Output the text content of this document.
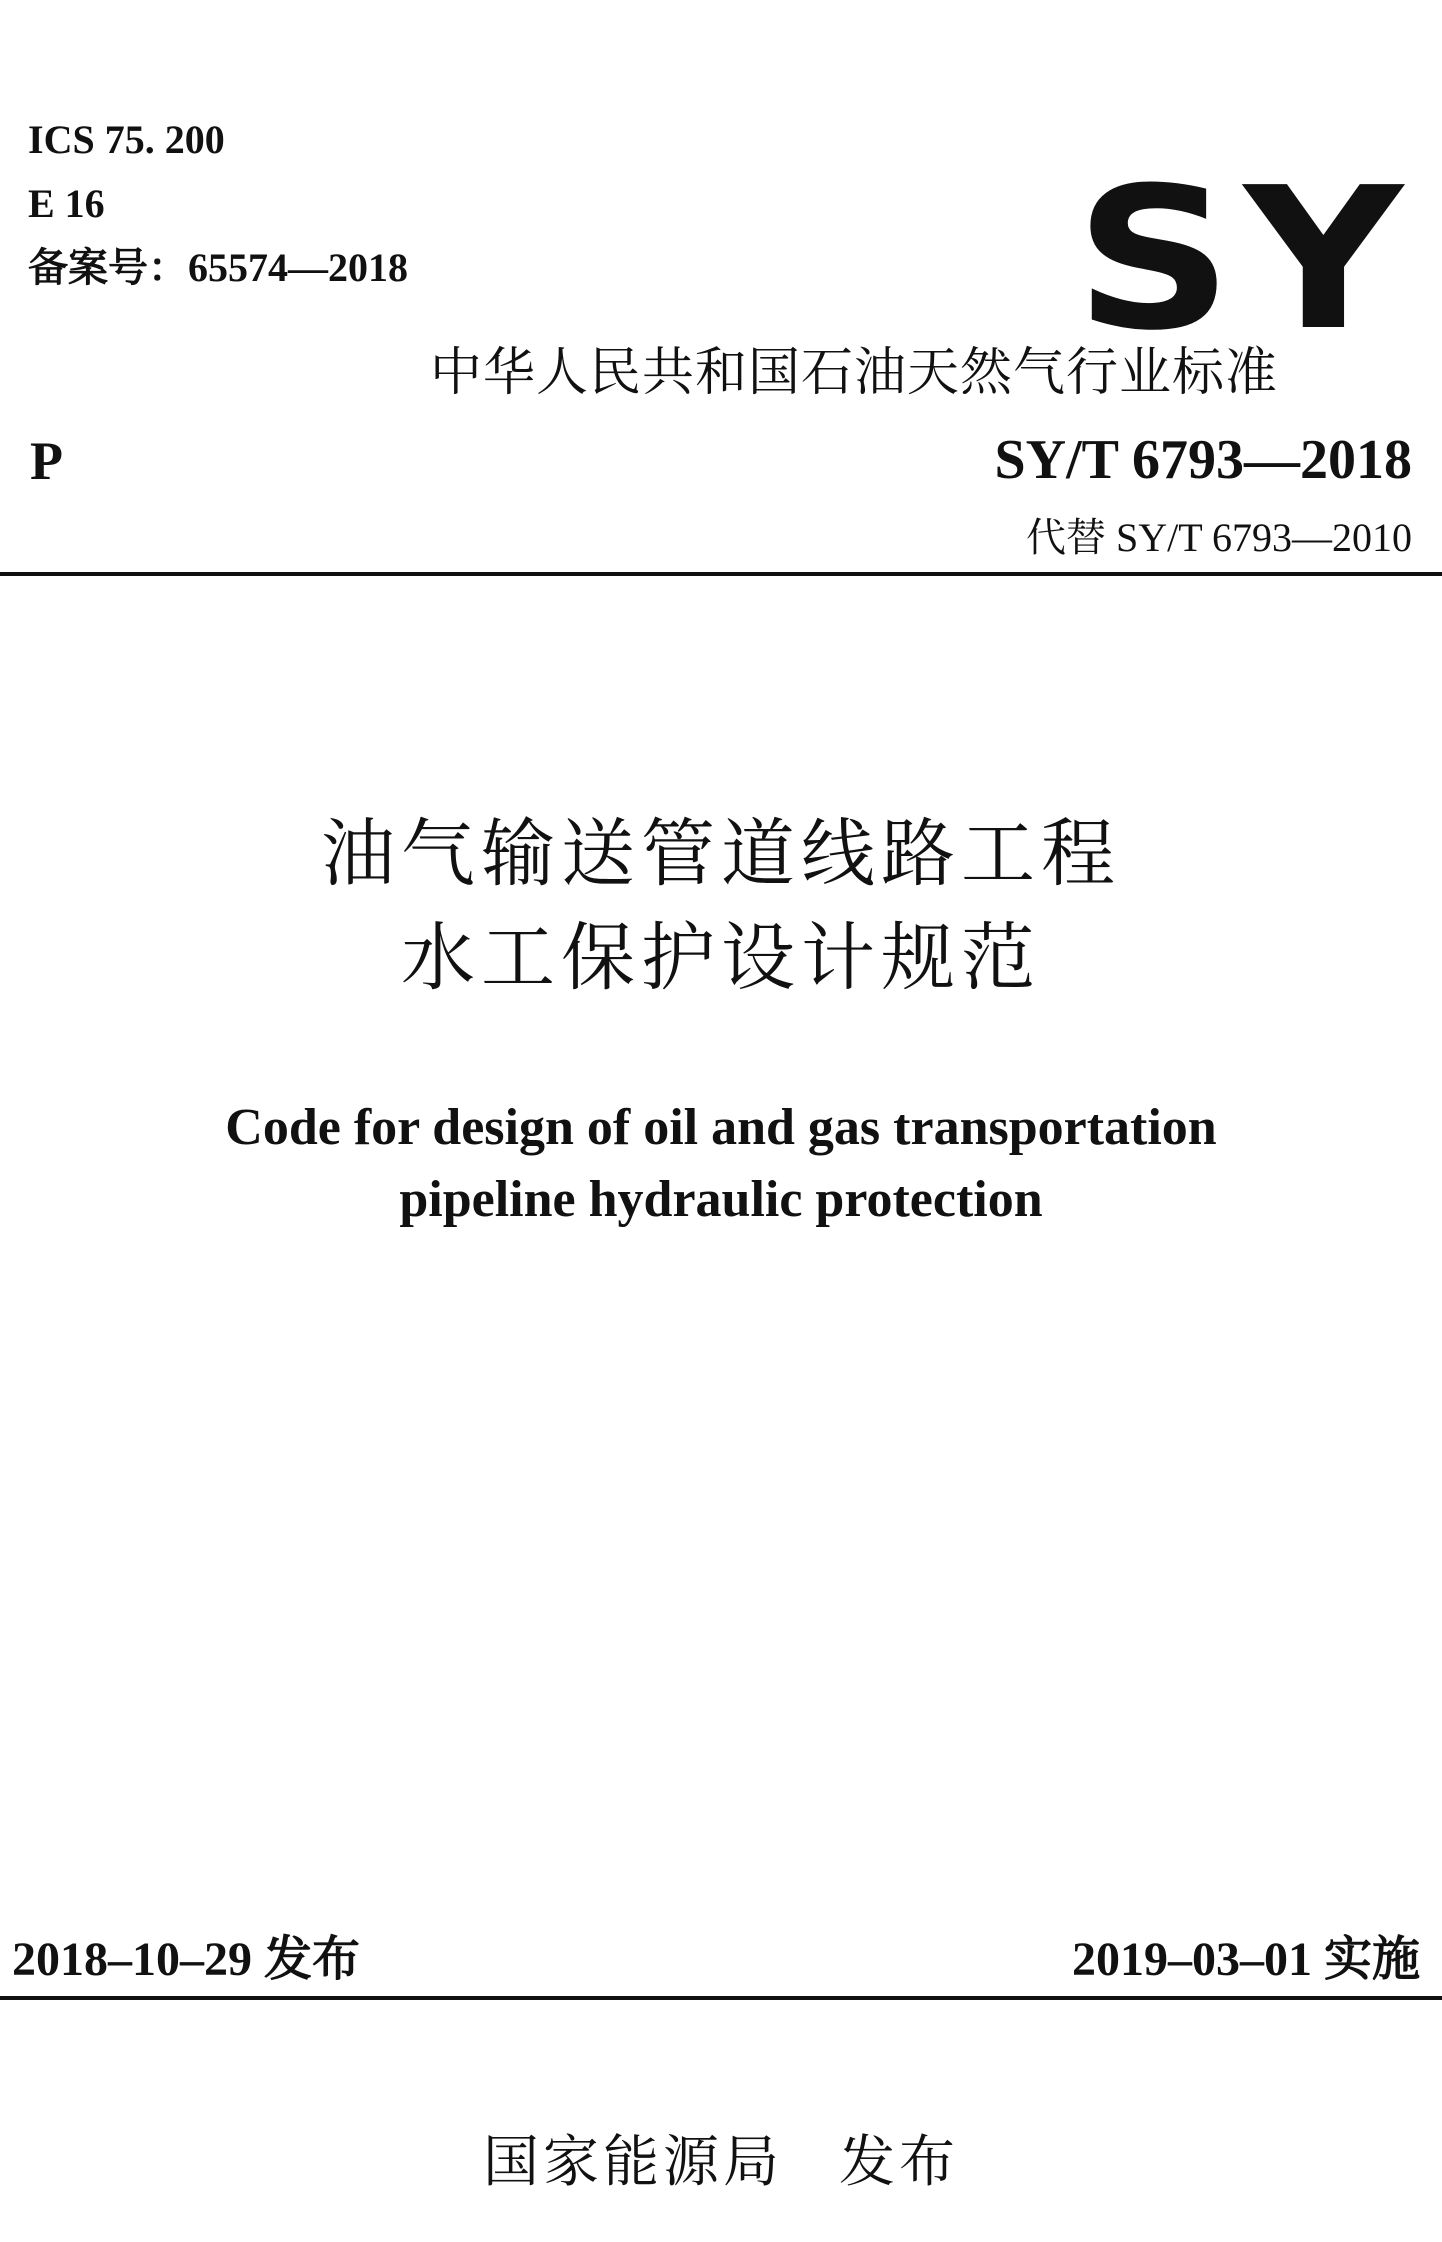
ICS 75. 200
E 16
备案号：65574—2018	SY
中华人民共和国石油天然气行业标准
P	SY/T 6793—2018
代替 SY/T 6793—2010
油气输送管道线路工程
水工保护设计规范
Code for design of oil and gas transportation
pipeline hydraulic protection
2018–10–29 发布	2019–03–01 实施
国家能源局 发布
